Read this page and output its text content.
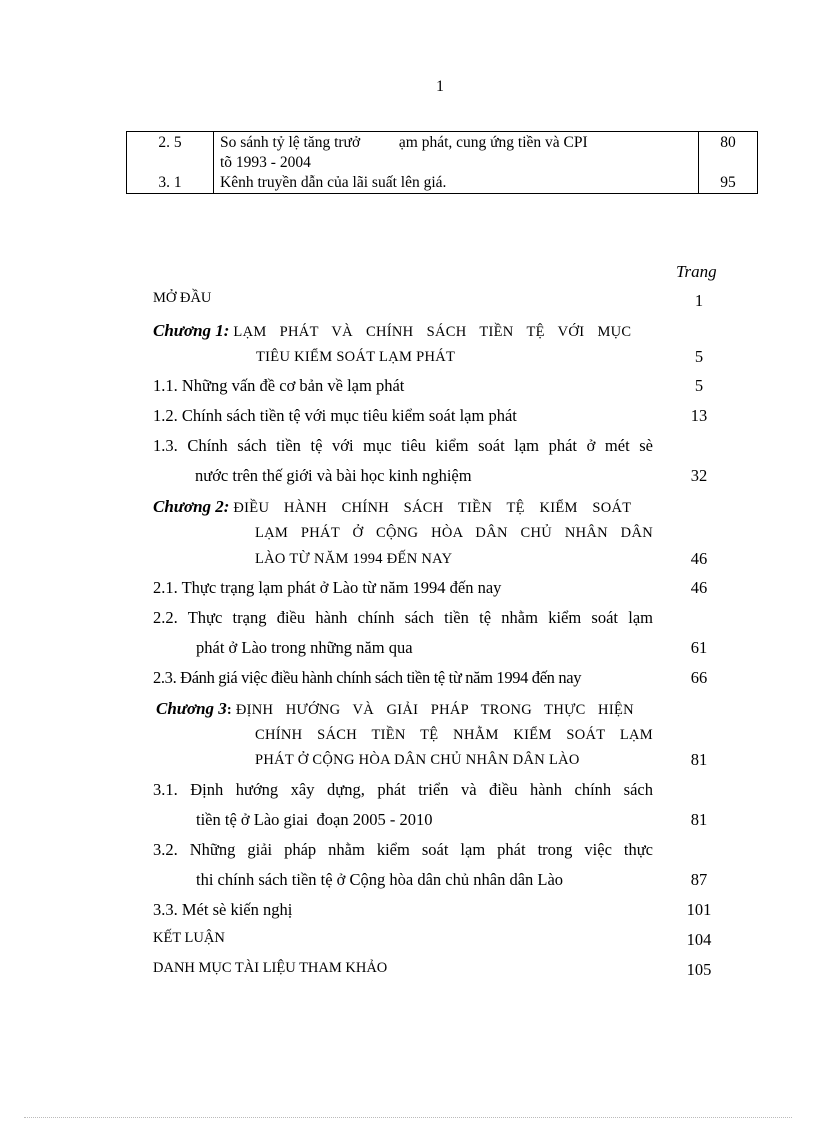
1
2. 5	So sánh tỷ lệ tăng trưở          ạm phát, cung ứng tiền và CPI
tõ 1993 - 2004	80
3. 1	Kênh truyền dẫn của lãi suất lên giá.	95
Trang
MỞ ĐẦU	1
Chương 1: LẠM PHÁT VÀ CHÍNH SÁCH TIỀN TỆ VỚI MỤC
TIÊU KIỂM SOÁT LẠM PHÁT	5
1.1. Những vấn đề cơ bản về lạm phát	5
1.2. Chính sách tiền tệ với mục tiêu kiểm soát lạm phát	13
1.3. Chính sách tiền tệ với mục tiêu kiểm soát lạm phát ở mét sè
nước trên thế giới và bài học kinh nghiệm	32
Chương 2: ĐIỀU HÀNH CHÍNH SÁCH TIỀN TỆ KIỂM SOÁT
LẠM PHÁT Ở CỘNG HÒA DÂN CHỦ NHÂN DÂN
LÀO TỪ NĂM 1994 ĐẾN NAY	46
2.1. Thực trạng lạm phát ở Lào từ năm 1994 đến nay	46
2.2. Thực trạng điều hành chính sách tiền tệ nhằm kiểm soát lạm
phát ở Lào trong những năm qua	61
2.3. Đánh giá việc điều hành chính sách tiền tệ từ năm 1994 đến nay	66
Chương 3: ĐỊNH HƯỚNG VÀ GIẢI PHÁP TRONG THỰC HIỆN
CHÍNH SÁCH TIỀN TỆ NHẰM KIỂM SOÁT LẠM
PHÁT Ở CỘNG HÒA DÂN CHỦ NHÂN DÂN LÀO	81
3.1. Định hướng xây dựng, phát triển và điều hành chính sách
tiền tệ ở Lào giai  đoạn 2005 - 2010	81
3.2. Những giải pháp nhằm kiểm soát lạm phát trong việc thực
thi chính sách tiền tệ ở Cộng hòa dân chủ nhân dân Lào	87
3.3. Mét sè kiến nghị	101
KẾT LUẬN	104
DANH MỤC TÀI LIỆU THAM KHẢO	105
